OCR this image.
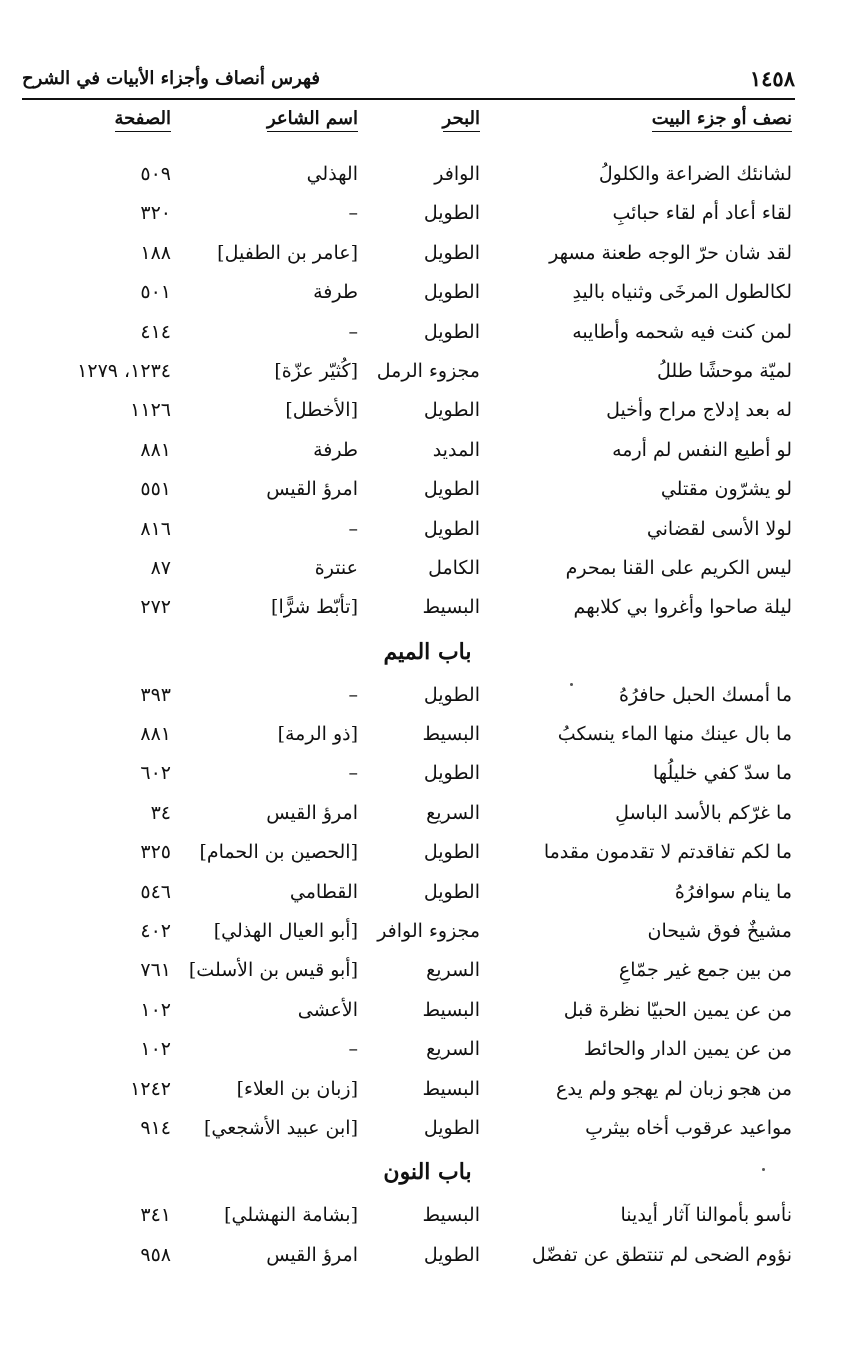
فهرس أنصاف وأجزاء الأبيات في الشرح	١٤٥٨
نصف أو جزء البيت
البحر
اسم الشاعر
الصفحة
لشانئك الضراعة والكلولُ
الوافر
الهذلي
٥٠٩
لقاء أعاد أم لقاء حبائبِ
الطويل
–
٣٢٠
لقد شان حرّ الوجه طعنة مسهر
الطويل
[عامر بن الطفيل]
١٨٨
لكالطول المرخَى وثنياه باليدِ
الطويل
طرفة
٥٠١
لمن كنت فيه شحمه وأطايبه
الطويل
–
٤١٤
لميّة موحشًا طللُ
مجزوء الرمل
[كُثيّر عزّة]
١٢٣٤، ١٢٧٩
له بعد إدلاج مراح وأخيل
الطويل
[الأخطل]
١١٢٦
لو أطيع النفس لم أرمه
المديد
طرفة
٨٨١
لو يشرّون مقتلي
الطويل
امرؤ القيس
٥٥١
لولا الأسى لقضاني
الطويل
–
٨١٦
ليس الكريم على القنا بمحرم
الكامل
عنترة
٨٧
ليلة صاحوا وأغروا بي كلابهم
البسيط
[تأبّط شرًّا]
٢٧٢
باب الميم
ما أمسك الحبل حافرُهُ
الطويل
–
٣٩٣
ما بال عينك منها الماء ينسكبُ
البسيط
[ذو الرمة]
٨٨١
ما سدّ كفي خليلُها
الطويل
–
٦٠٢
ما غرّكم بالأسد الباسلِ
السريع
امرؤ القيس
٣٤
ما لكم تفاقدتم لا تقدمون مقدما
الطويل
[الحصين بن الحمام]
٣٢٥
ما ينام سوافرُهُ
الطويل
القطامي
٥٤٦
مشيخٌ فوق شيحان
مجزوء الوافر
[أبو العيال الهذلي]
٤٠٢
من بين جمع غير جمّاعِ
السريع
[أبو قيس بن الأسلت]
٧٦١
من عن يمين الحبيّا نظرة قبل
البسيط
الأعشى
١٠٢
من عن يمين الدار والحائط
السريع
–
١٠٢
من هجو زبان لم يهجو ولم يدع
البسيط
[زبان بن العلاء]
١٢٤٢
مواعيد عرقوب أخاه بيثربِ
الطويل
[ابن عبيد الأشجعي]
٩١٤
باب النون
نأسو بأموالنا آثار أيدينا
البسيط
[بشامة النهشلي]
٣٤١
نؤوم الضحى لم تنتطق عن تفضّل
الطويل
امرؤ القيس
٩٥٨
